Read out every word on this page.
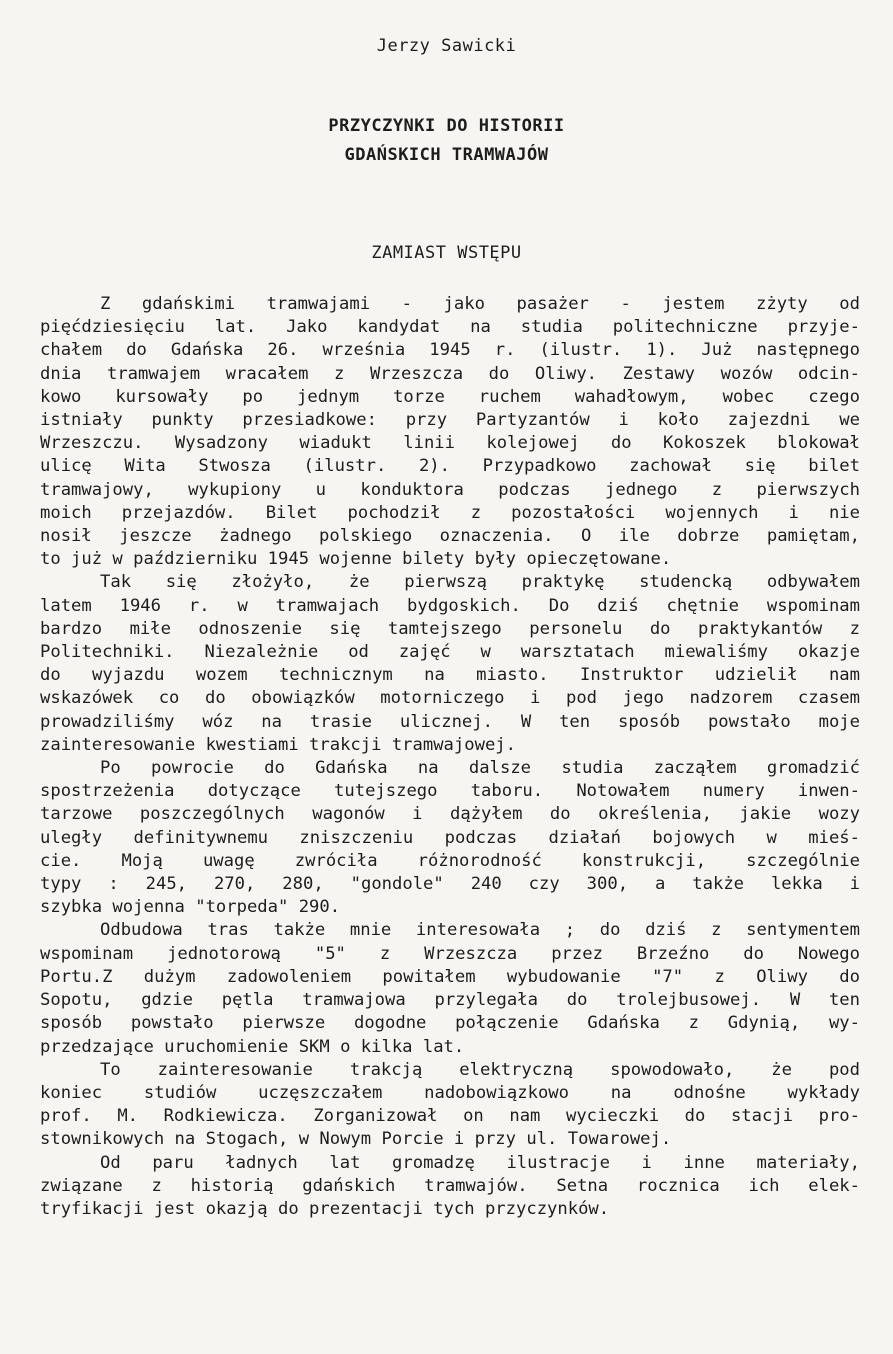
Jerzy Sawicki
PRZYCZYNKI DO HISTORII
GDAŃSKICH TRAMWAJÓW
ZAMIAST WSTĘPU
Z gdańskimi tramwajami - jako pasażer - jestem zżyty od
pięćdziesięciu lat. Jako kandydat na studia politechniczne przyje-
chałem do Gdańska 26. września 1945 r. (ilustr. 1). Już następnego
dnia tramwajem wracałem z Wrzeszcza do Oliwy. Zestawy wozów odcin-
kowo kursowały po jednym torze ruchem wahadłowym, wobec czego
istniały punkty przesiadkowe: przy Partyzantów i koło zajezdni we
Wrzeszczu. Wysadzony wiadukt linii kolejowej do Kokoszek blokował
ulicę Wita Stwosza (ilustr. 2). Przypadkowo zachował się bilet
tramwajowy, wykupiony u konduktora podczas jednego z pierwszych
moich przejazdów. Bilet pochodził z pozostałości wojennych i nie
nosił jeszcze żadnego polskiego oznaczenia. O ile dobrze pamiętam,
to już w październiku 1945 wojenne bilety były opieczętowane.
Tak się złożyło, że pierwszą praktykę studencką odbywałem
latem 1946 r. w tramwajach bydgoskich. Do dziś chętnie wspominam
bardzo miłe odnoszenie się tamtejszego personelu do praktykantów z
Politechniki. Niezależnie od zajęć w warsztatach miewaliśmy okazje
do wyjazdu wozem technicznym na miasto. Instruktor udzielił nam
wskazówek co do obowiązków motorniczego i pod jego nadzorem czasem
prowadziliśmy wóz na trasie ulicznej. W ten sposób powstało moje
zainteresowanie kwestiami trakcji tramwajowej.
Po powrocie do Gdańska na dalsze studia zacząłem gromadzić
spostrzeżenia dotyczące tutejszego taboru. Notowałem numery inwen-
tarzowe poszczególnych wagonów i dążyłem do określenia, jakie wozy
uległy definitywnemu zniszczeniu podczas działań bojowych w mieś-
cie. Moją uwagę zwróciła różnorodność konstrukcji, szczególnie
typy : 245, 270, 280, "gondole" 240 czy 300, a także lekka i
szybka wojenna "torpeda" 290.
Odbudowa tras także mnie interesowała ; do dziś z sentymentem
wspominam jednotorową "5" z Wrzeszcza przez Brzeźno do Nowego
Portu.Z dużym zadowoleniem powitałem wybudowanie "7" z Oliwy do
Sopotu, gdzie pętla tramwajowa przylegała do trolejbusowej. W ten
sposób powstało pierwsze dogodne połączenie Gdańska z Gdynią, wy-
przedzające uruchomienie SKM o kilka lat.
To zainteresowanie trakcją elektryczną spowodowało, że pod
koniec studiów uczęszczałem nadobowiązkowo na odnośne wykłady
prof. M. Rodkiewicza. Zorganizował on nam wycieczki do stacji pro-
stownikowych na Stogach, w Nowym Porcie i przy ul. Towarowej.
Od paru ładnych lat gromadzę ilustracje i inne materiały,
związane z historią gdańskich tramwajów. Setna rocznica ich elek-
tryfikacji jest okazją do prezentacji tych przyczynków.
